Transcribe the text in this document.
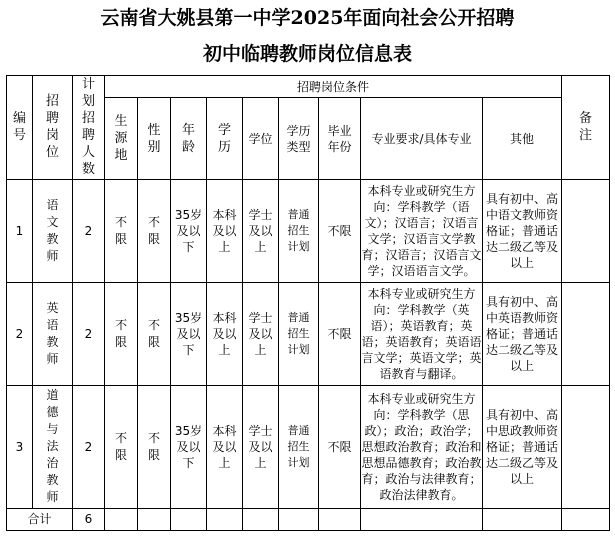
云南省大姚县第一中学2025年面向社会公开招聘
初中临聘教师岗位信息表
编号	招聘岗位	计划招聘人数	招聘岗位条件									备注
			生源地	性别	年龄	学历	学位	学历类型	毕业年份	专业要求/具体专业	其他	
1	语文教师	2	不限	不限	35岁
及以
下	本科
及以
上	学士
及以
上	普通
招生
计划	不限	本科专业或研究生方向：学科教学（语文）；汉语言；汉语言文学；汉语言文学教育；汉语言；汉语言文学；汉语语言文学。	具有初中、高中语文教师资格证；普通话达二级乙等及以上	
2	英语教师	2	不限	不限	35岁
及以
下	本科
及以
上	学士
及以
上	普通
招生
计划	不限	本科专业或研究生方向：学科教学（英语）；英语教育；英语；英语教育；英语语言文学；英语文学；英语教育与翻译。	具有初中、高中英语教师资格证；普通话达二级乙等及以上	
3	道德与法治教师	2	不限	不限	35岁
及以
下	本科
及以
上	学士
及以
上	普通
招生
计划	不限	本科专业或研究生方向：学科教学（思政）；政治；政治学；思想政治教育；政治和思想品德教育；政治教育；政治与法律教育；政治法律教育。	具有初中、高中思政教师资格证；普通话达二级乙等及以上	
合计		6										
